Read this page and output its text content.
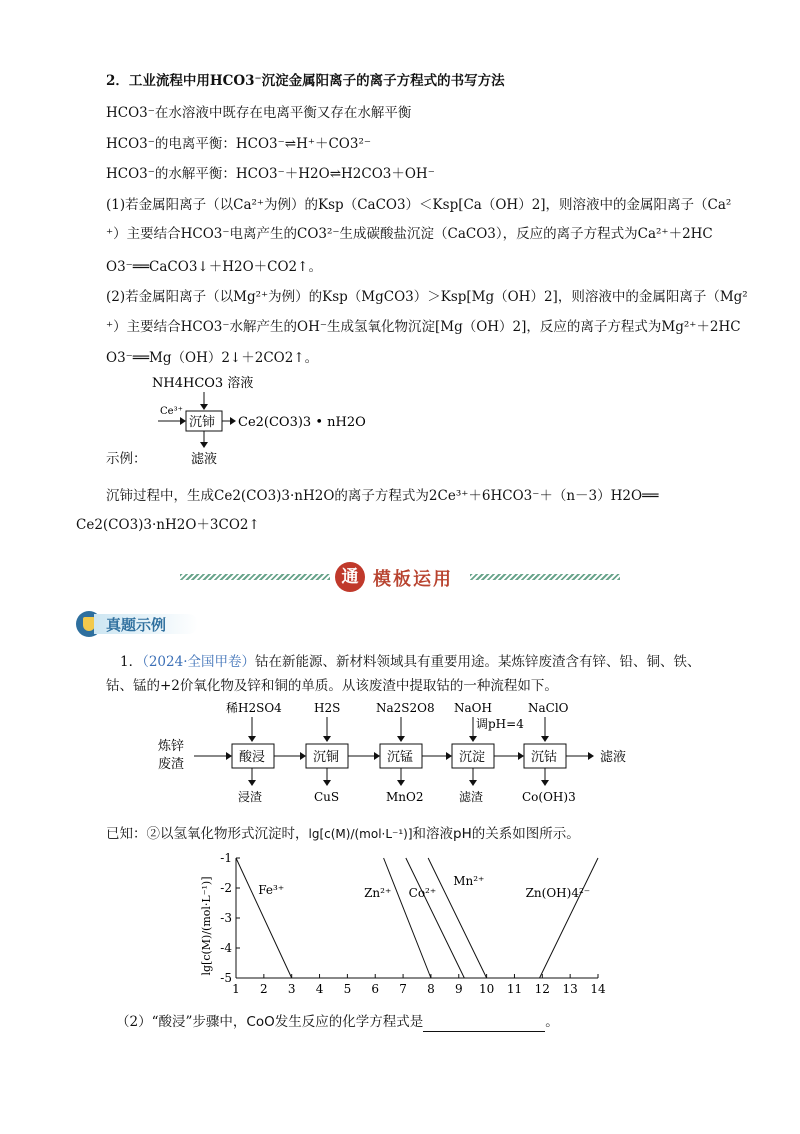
2．工业流程中用HCO3⁻沉淀金属阳离子的离子方程式的书写方法
HCO3⁻在水溶液中既存在电离平衡又存在水解平衡
HCO3⁻的电离平衡：HCO3⁻⇌H⁺＋CO3²⁻
HCO3⁻的水解平衡：HCO3⁻＋H2O⇌H2CO3＋OH⁻
(1)若金属阳离子（以Ca²⁺为例）的Ksp（CaCO3）＜Ksp[Ca（OH）2]，则溶液中的金属阳离子（Ca²
⁺）主要结合HCO3⁻电离产生的CO3²⁻生成碳酸盐沉淀（CaCO3），反应的离子方程式为Ca²⁺＋2HC
O3⁻══CaCO3↓＋H2O＋CO2↑。
(2)若金属阳离子（以Mg²⁺为例）的Ksp（MgCO3）＞Ksp[Mg（OH）2]，则溶液中的金属阳离子（Mg²
⁺）主要结合HCO3⁻水解产生的OH⁻生成氢氧化物沉淀[Mg（OH）2]，反应的离子方程式为Mg²⁺＋2HC
O3⁻══Mg（OH）2↓＋2CO2↑。
NH4HCO3 溶液
Ce³⁺
沉铈 Ce2(CO3)3 • nH2O
滤液
示例：
沉铈过程中，生成Ce2(CO3)3·nH2O的离子方程式为2Ce³⁺＋6HCO3⁻＋（n－3）H2O══
Ce2(CO3)3·nH2O＋3CO2↑
通 模板运用
真题示例
1．（2024·全国甲卷）钴在新能源、新材料领域具有重要用途。某炼锌废渣含有锌、铅、铜、铁、
钴、锰的+2价氧化物及锌和铜的单质。从该废渣中提取钴的一种流程如下。
炼锌
废渣
稀H2SO4
酸浸
浸渣
H2S
沉铜
CuS
Na2S2O8
沉锰
MnO2
NaOH
调pH=4
沉淀
滤渣
NaClO
沉钴
Co(OH)3
滤液
已知：②以氢氧化物形式沉淀时，lg[c(M)/(mol·L⁻¹)]和溶液pH的关系如图所示。
lg[c(M)/(mol·L⁻¹)]
1 2 3 4 5 6 7 8 9 10 11 12 13 14
-1
-2
-3
-4
-5
Fe³⁺	Zn²⁺ Co²⁺
Mn²⁺
Zn(OH)4²⁻
（2）“酸浸”步骤中，CoO发生反应的化学方程式是	。
